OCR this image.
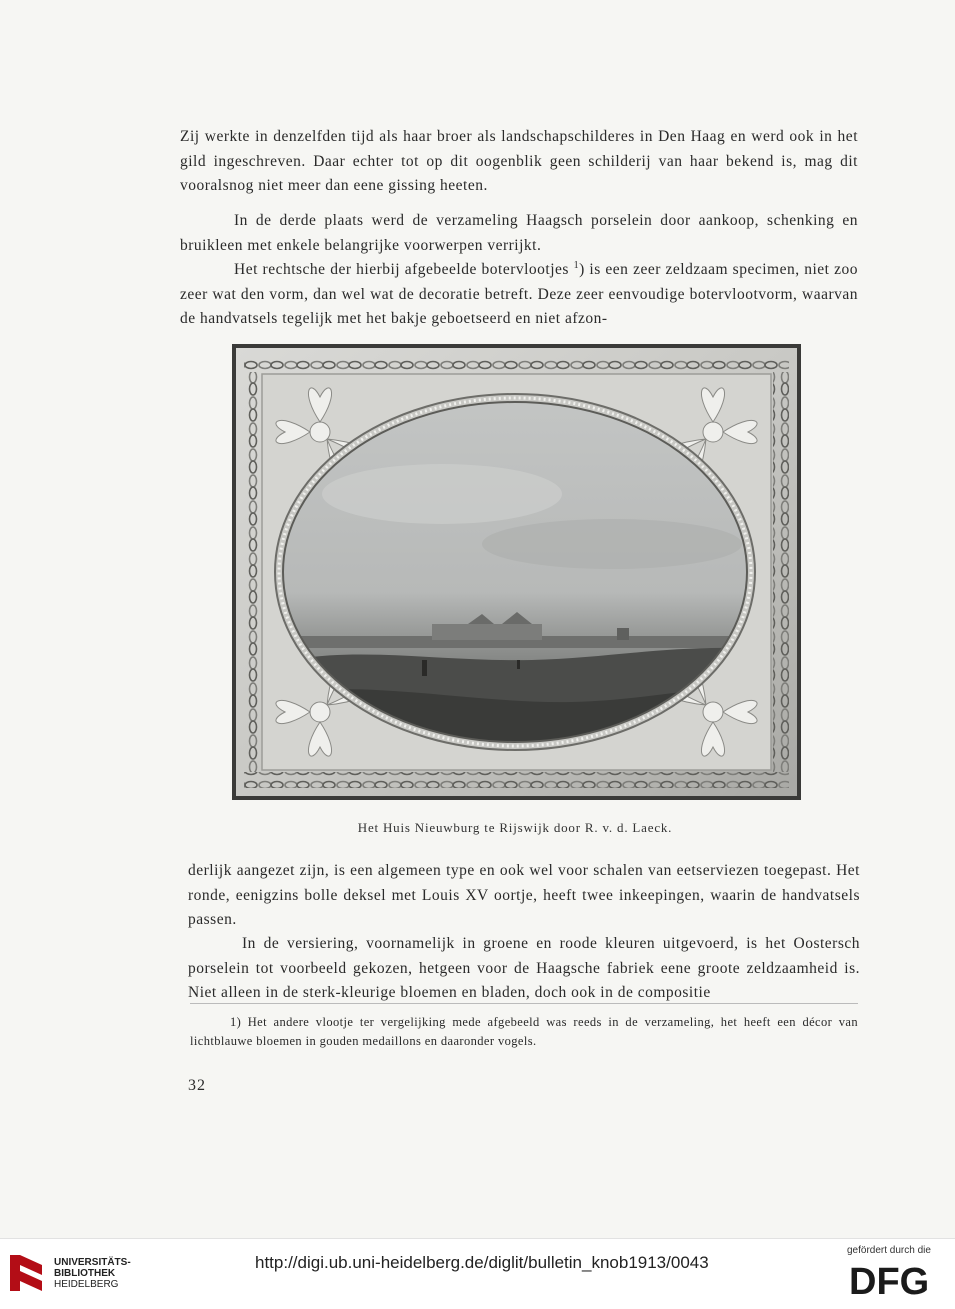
Zij werkte in denzelfden tijd als haar broer als landschapschilderes in Den Haag en werd ook in het gild ingeschreven. Daar echter tot op dit oogenblik geen schilderij van haar bekend is, mag dit vooralsnog niet meer dan eene gissing heeten.

In de derde plaats werd de verzameling Haagsch porselein door aankoop, schenking en bruikleen met enkele belangrijke voorwerpen verrijkt.

Het rechtsche der hierbij afgebeelde botervlootjes $^1$) is een zeer zeldzaam specimen, niet zoo zeer wat den vorm, dan wel wat de decoratie betreft. Deze zeer eenvoudige botervlootvorm, waarvan de handvatsels tegelijk met het bakje geboetseerd en niet afzon-

Het Huis Nieuwburg te Rijswijk door R. v. d. Laeck.

derlijk aangezet zijn, is een algemeen type en ook wel voor schalen van eetserviezen toegepast. Het ronde, eenigzins bolle deksel met Louis XV oortje, heeft twee inkeepingen, waarin de handvatsels passen.

In de versiering, voornamelijk in groene en roode kleuren uitgevoerd, is het Oostersch porselein tot voorbeeld gekozen, hetgeen voor de Haagsche fabriek eene groote zeldzaamheid is. Niet alleen in de sterk-kleurige bloemen en bladen, doch ook in de compositie

1) Het andere vlootje ter vergelijking mede afgebeeld was reeds in de verzameling, het heeft een décor van lichtblauwe bloemen in gouden medaillons en daaronder vogels.

32
UNIVERSITÄTS-
BIBLIOTHEK
HEIDELBERG
http://digi.ub.uni-heidelberg.de/diglit/bulletin_knob1913/0043
gefördert durch die
DFG
